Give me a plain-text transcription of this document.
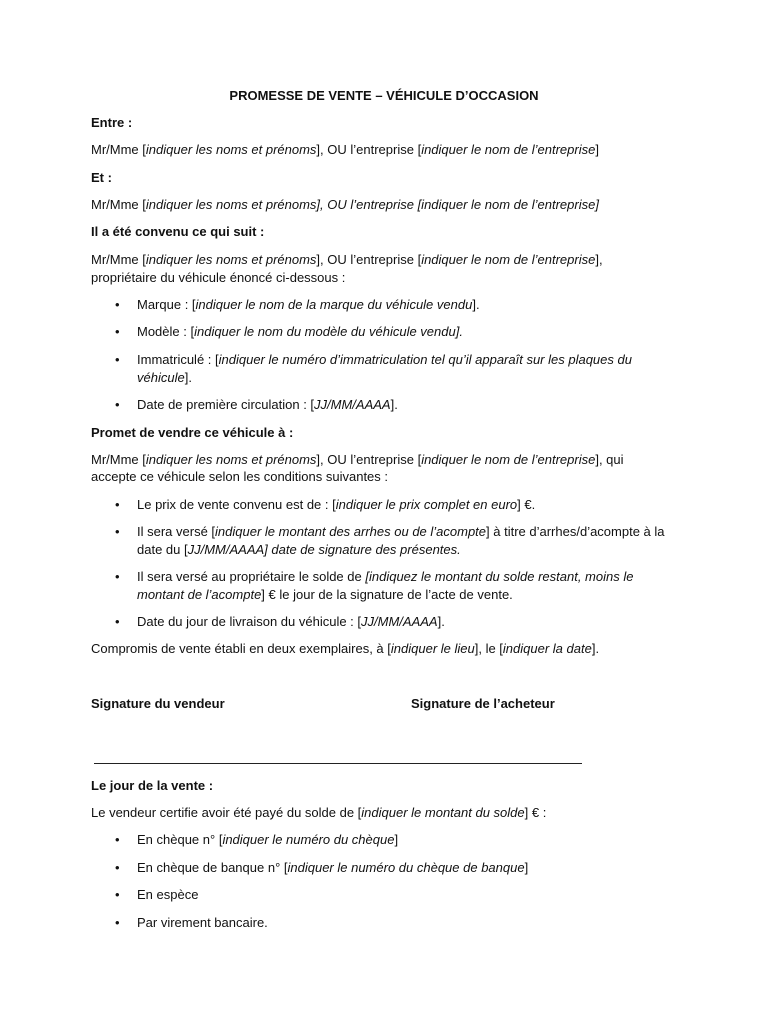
PROMESSE DE VENTE – VÉHICULE D’OCCASION
Entre :
Mr/Mme [indiquer les noms et prénoms], OU l’entreprise [indiquer le nom de l’entreprise]
Et :
Mr/Mme [indiquer les noms et prénoms], OU l’entreprise [indiquer le nom de l’entreprise]
Il a été convenu ce qui suit :
Mr/Mme [indiquer les noms et prénoms], OU l’entreprise [indiquer le nom de l’entreprise],
propriétaire du véhicule énoncé ci-dessous :
• Marque : [indiquer le nom de la marque du véhicule vendu].
• Modèle : [indiquer le nom du modèle du véhicule vendu].
• Immatriculé : [indiquer le numéro d’immatriculation tel qu’il apparaît sur les plaques du
véhicule].
• Date de première circulation : [JJ/MM/AAAA].
Promet de vendre ce véhicule à :
Mr/Mme [indiquer les noms et prénoms], OU l’entreprise [indiquer le nom de l’entreprise], qui
accepte ce véhicule selon les conditions suivantes :
• Le prix de vente convenu est de : [indiquer le prix complet en euro] €.
• Il sera versé [indiquer le montant des arrhes ou de l’acompte] à titre d’arrhes/d’acompte à la
date du [JJ/MM/AAAA] date de signature des présentes.
• Il sera versé au propriétaire le solde de [indiquez le montant du solde restant, moins le
montant de l’acompte] € le jour de la signature de l’acte de vente.
• Date du jour de livraison du véhicule : [JJ/MM/AAAA].
Compromis de vente établi en deux exemplaires, à [indiquer le lieu], le [indiquer la date].
Signature du vendeur	Signature de l’acheteur
Le jour de la vente :
Le vendeur certifie avoir été payé du solde de [indiquer le montant du solde] € :
• En chèque n° [indiquer le numéro du chèque]
• En chèque de banque n° [indiquer le numéro du chèque de banque]
• En espèce
• Par virement bancaire.
